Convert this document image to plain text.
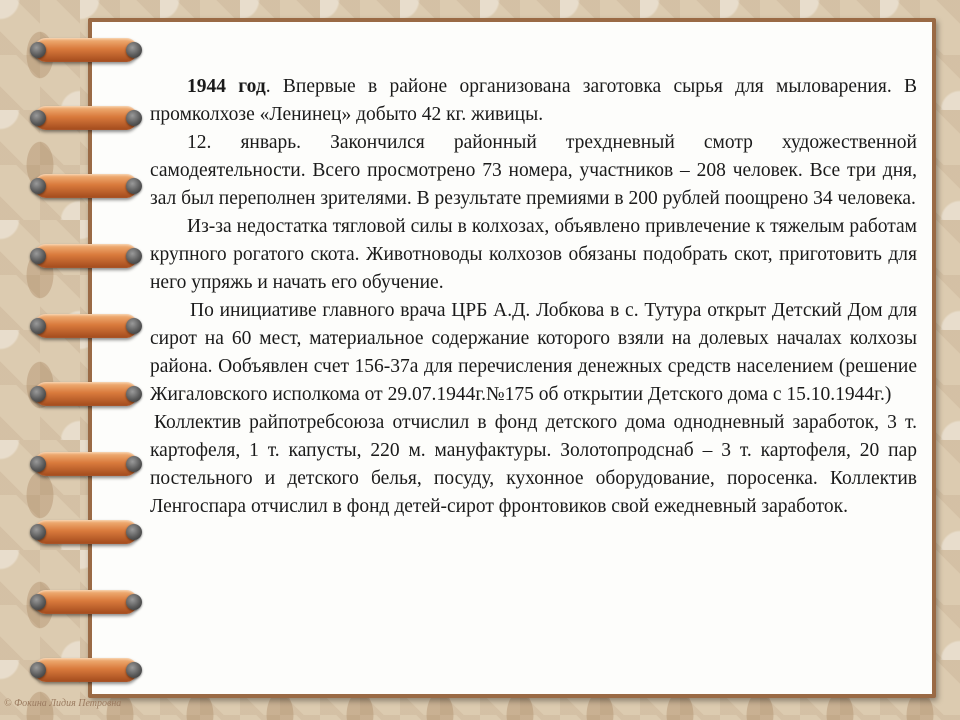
1944 год. Впервые в районе организована заготовка сырья для мыловарения. В промколхозе «Ленинец» добыто 42 кг. живицы.

12. январь. Закончился районный трехдневный смотр художественной самодеятельности. Всего просмотрено 73 номера, участников – 208 человек. Все три дня, зал был переполнен зрителями. В результате премиями в 200 рублей поощрено 34 человека.

Из-за недостатка тягловой силы в колхозах, объявлено привлечение к тяжелым работам крупного рогатого скота. Животноводы колхозов обязаны подобрать скот, приготовить для него упряжь и начать его обучение.

По инициативе главного врача ЦРБ А.Д. Лобкова в с. Тутура открыт Детский Дом для сирот на 60 мест, материальное содержание которого взяли на долевых началах колхозы района. Ообъявлен счет 156-37а для перечисления денежных средств населением (решение Жигаловского исполкома от 29.07.1944г.№175 об открытии Детского дома с 15.10.1944г.)

Коллектив райпотребсоюза отчислил в фонд детского дома однодневный заработок, 3 т. картофеля, 1 т. капусты, 220 м. мануфактуры. Золотопродснаб – 3 т. картофеля, 20 пар постельного и детского белья, посуду, кухонное оборудование, поросенка. Коллектив Ленгоспара отчислил в фонд детей-сирот фронтовиков свой ежедневный заработок.

© Фокина Лидия Петровна
